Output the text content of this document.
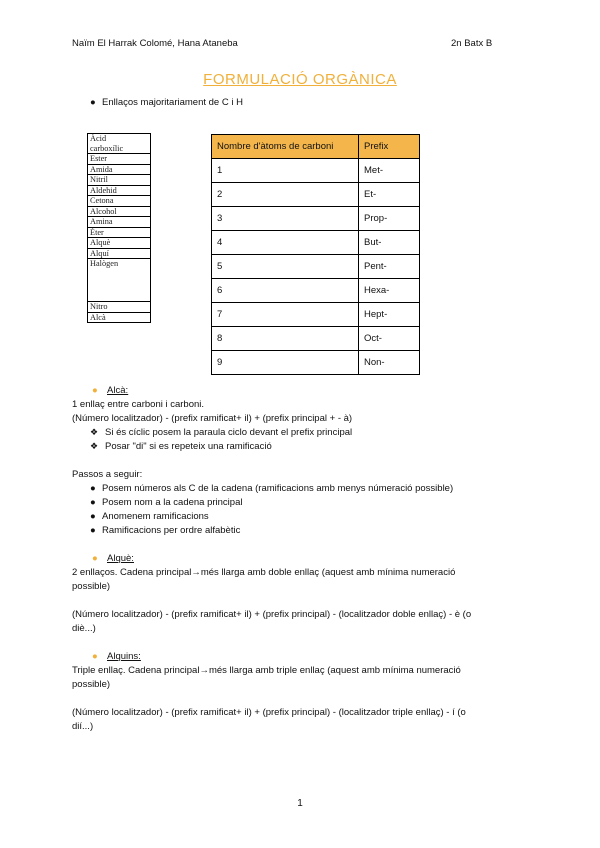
Naïm El Harrak Colomé, Hana Ataneba	2n Batx B
FORMULACIÓ ORGÀNICA
● Enllaços majoritariament de C i H
Àcid
carboxílic
Ester
Amida
Nitril
Aldehid
Cetona
Alcohol
Amina
Èter
Alquè
Alquí
Halògen
Nitro
Alcà
Nombre d'àtoms de carboni	Prefix
1	Met-
2	Et-
3	Prop-
4	But-
5	Pent-
6	Hexa-
7	Hept-
8	Oct-
9	Non-
● Alcà:
1 enllaç entre carboni i carboni.
(Número localitzador) - (prefix ramificat+ il) + (prefix principal + - à)
❖ Si és cíclic posem la paraula ciclo devant el prefix principal
❖ Posar "di" si es repeteix una ramificació
Passos a seguir:
● Posem números als C de la cadena (ramificacions amb menys númeració possible)
● Posem nom a la cadena principal
● Anomenem ramificacions
● Ramificacions per ordre alfabètic
● Alquè:
2 enllaços. Cadena principal→més llarga amb doble enllaç (aquest amb mínima numeració
possible)
(Número localitzador) - (prefix ramificat+ il) + (prefix principal) - (localitzador doble enllaç) - è (o
diè...)
● Alquins:
Triple enllaç. Cadena principal→més llarga amb triple enllaç (aquest amb mínima numeració
possible)
(Número localitzador) - (prefix ramificat+ il) + (prefix principal) - (localitzador triple enllaç) - í (o
dií...)
1
